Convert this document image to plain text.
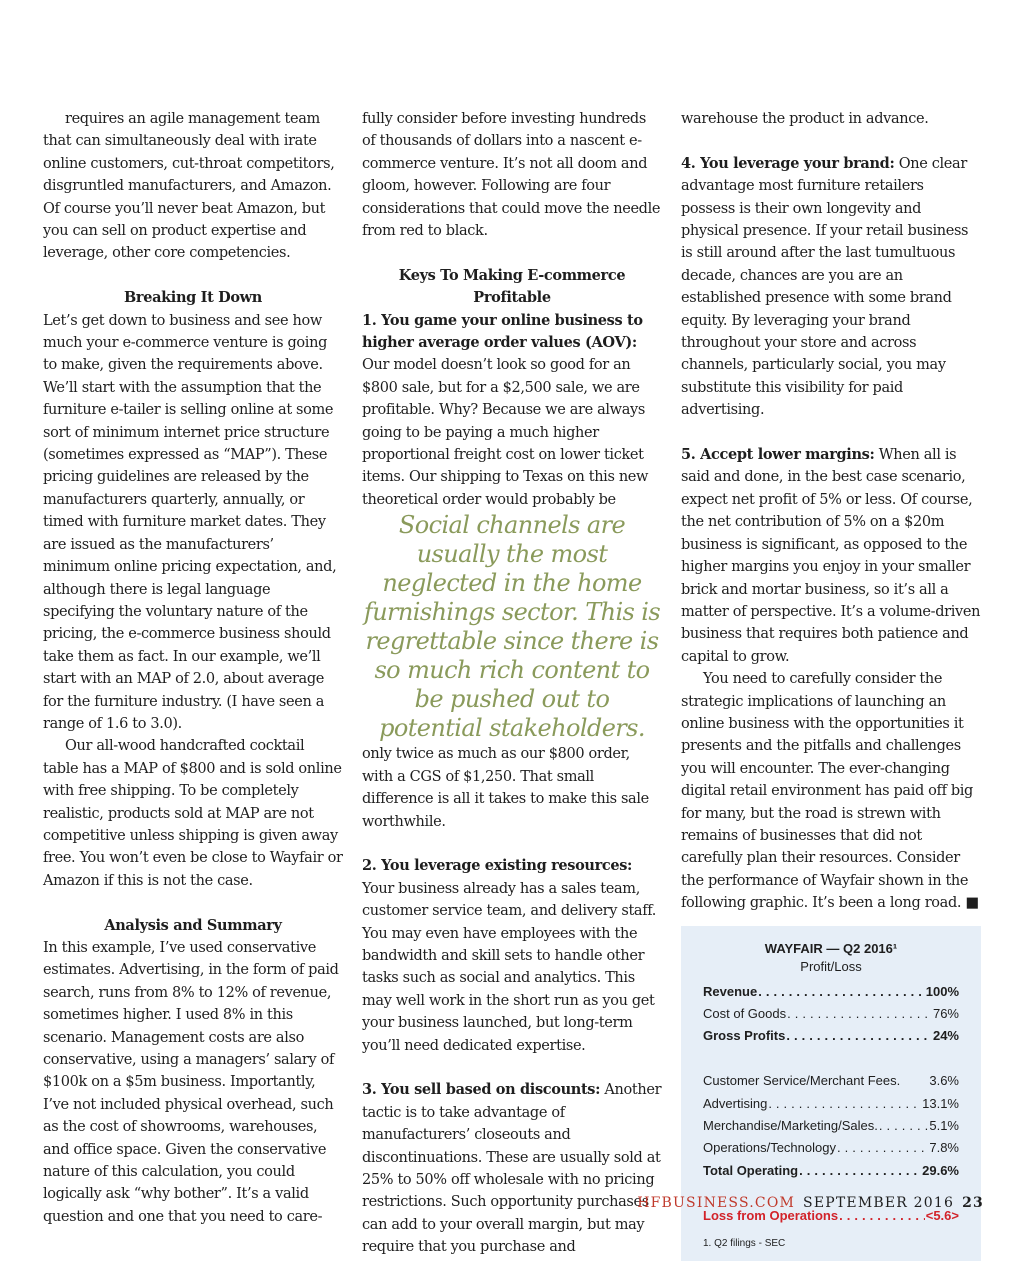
requires an agile management team that can simultaneously deal with irate online customers, cut-throat competitors, disgruntled manufacturers, and Amazon. Of course you’ll never beat Amazon, but you can sell on product expertise and leverage, other core competencies.

Breaking It Down

Let’s get down to business and see how much your e-commerce venture is going to make, given the requirements above. We’ll start with the assumption that the furniture e-tailer is selling online at some sort of minimum internet price structure (sometimes expressed as “MAP”). These pricing guidelines are released by the manufacturers quarterly, annually, or timed with furniture market dates. They are issued as the manufacturers’ minimum online pricing expectation, and, although there is legal language specifying the voluntary nature of the pricing, the e-commerce business should take them as fact. In our example, we’ll start with an MAP of 2.0, about average for the furniture industry. (I have seen a range of 1.6 to 3.0).

Our all-wood handcrafted cocktail table has a MAP of $800 and is sold online with free shipping. To be completely realistic, products sold at MAP are not competitive unless shipping is given away free. You won’t even be close to Wayfair or Amazon if this is not the case.

Analysis and Summary

In this example, I’ve used conservative estimates. Advertising, in the form of paid search, runs from 8% to 12% of revenue, sometimes higher. I used 8% in this scenario. Management costs are also conservative, using a managers’ salary of $100k on a $5m business. Importantly, I’ve not included physical overhead, such as the cost of showrooms, warehouses, and office space. Given the conservative nature of this calculation, you could logically ask “why bother”. It’s a valid question and one that you need to care-

fully consider before investing hundreds of thousands of dollars into a nascent e-commerce venture. It’s not all doom and gloom, however. Following are four considerations that could move the needle from red to black.

Keys To Making E-commerce Profitable

1. You game your online business to higher average order values (AOV): Our model doesn’t look so good for an $800 sale, but for a $2,500 sale, we are profitable. Why? Because we are always going to be paying a much higher proportional freight cost on lower ticket items. Our shipping to Texas on this new theoretical order would probably be

Social channels are usually the most neglected in the home furnishings sector. This is regrettable since there is so much rich content to be pushed out to potential stakeholders.

only twice as much as our $800 order, with a CGS of $1,250. That small difference is all it takes to make this sale worthwhile.

2. You leverage existing resources: Your business already has a sales team, customer service team, and delivery staff. You may even have employees with the bandwidth and skill sets to handle other tasks such as social and analytics. This may well work in the short run as you get your business launched, but long-term you’ll need dedicated expertise.

3. You sell based on discounts: Another tactic is to take advantage of manufacturers’ closeouts and discontinuations. These are usually sold at 25% to 50% off wholesale with no pricing restrictions. Such opportunity purchases can add to your overall margin, but may require that you purchase and

warehouse the product in advance.

4. You leverage your brand: One clear advantage most furniture retailers possess is their own longevity and physical presence. If your retail business is still around after the last tumultuous decade, chances are you are an established presence with some brand equity. By leveraging your brand throughout your store and across channels, particularly social, you may substitute this visibility for paid advertising.

5. Accept lower margins: When all is said and done, in the best case scenario, expect net profit of 5% or less. Of course, the net contribution of 5% on a $20m business is significant, as opposed to the higher margins you enjoy in your smaller brick and mortar business, so it’s all a matter of perspective. It’s a volume-driven business that requires both patience and capital to grow.

You need to carefully consider the strategic implications of launching an online business with the opportunities it presents and the pitfalls and challenges you will encounter. The ever-changing digital retail environment has paid off big for many, but the road is strewn with remains of businesses that did not carefully plan their resources. Consider the performance of Wayfair shown in the following graphic. It’s been a long road. ■

WAYFAIR — Q2 2016¹
Profit/Loss
Revenue . . .	100%
Cost of Goods . . .	76%
Gross Profits . . .	24%
Customer Service/Merchant Fees. 3.6%
Advertising . . .	13.1%
Merchandise/Marketing/Sales. . . .	5.1%
Operations/Technology . . .	7.8%
Total Operating . . .	29.6%
Loss from Operations . . .	<5.6>
1. Q2 filings - SEC
HFBUSINESS.COM SEPTEMBER 2016 23
